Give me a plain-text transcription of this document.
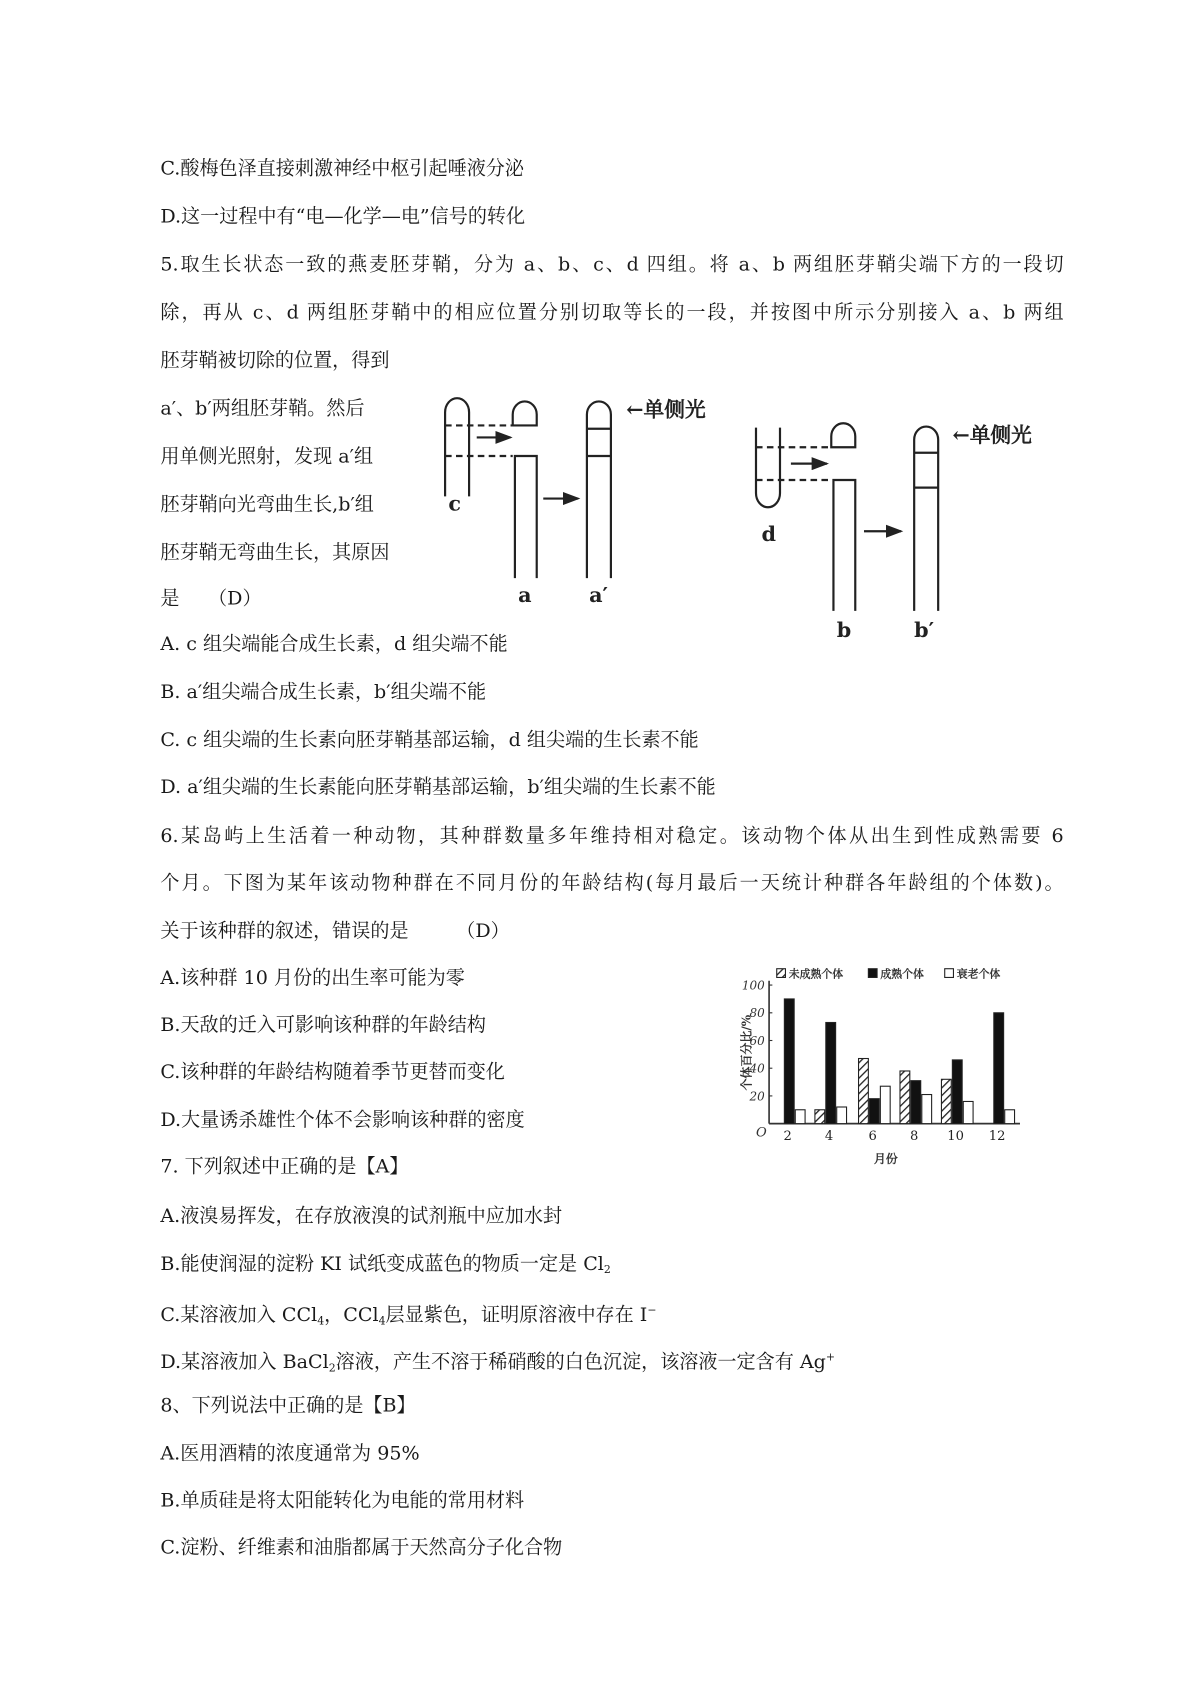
C.酸梅色泽直接刺激神经中枢引起唾液分泌
D.这一过程中有“电—化学—电”信号的转化
5.取生长状态一致的燕麦胚芽鞘，分为 a、b、c、d 四组。将 a、b 两组胚芽鞘尖端下方的一段切
除，再从 c、d 两组胚芽鞘中的相应位置分别切取等长的一段，并按图中所示分别接入 a、b 两组
胚芽鞘被切除的位置，得到
a′、b′两组胚芽鞘。然后
用单侧光照射，发现 a′组
胚芽鞘向光弯曲生长,b′组
胚芽鞘无弯曲生长，其原因
是　　（D）
A. c 组尖端能合成生长素，d 组尖端不能
B. a′组尖端合成生长素，b′组尖端不能
C. c 组尖端的生长素向胚芽鞘基部运输，d 组尖端的生长素不能
D. a′组尖端的生长素能向胚芽鞘基部运输，b′组尖端的生长素不能
6.某岛屿上生活着一种动物，其种群数量多年维持相对稳定。该动物个体从出生到性成熟需要 6
个月。下图为某年该动物种群在不同月份的年龄结构(每月最后一天统计种群各年龄组的个体数)。
关于该种群的叙述，错误的是　　　（D）
A.该种群 10 月份的出生率可能为零
B.天敌的迁入可影响该种群的年龄结构
C.该种群的年龄结构随着季节更替而变化
D.大量诱杀雄性个体不会影响该种群的密度
7. 下列叙述中正确的是【A】
A.液溴易挥发，在存放液溴的试剂瓶中应加水封
B.能使润湿的淀粉 KI 试纸变成蓝色的物质一定是 $Cl_2$
C.某溶液加入 CCl$_4$，CCl$_4$层显紫色，证明原溶液中存在 I−
D.某溶液加入 BaCl$_2$溶液，产生不溶于稀硝酸的白色沉淀，该溶液一定含有 Ag+
8、下列说法中正确的是【B】
A.医用酒精的浓度通常为 95%
B.单质硅是将太阳能转化为电能的常用材料
C.淀粉、纤维素和油脂都属于天然高分子化合物
←单侧光
←单侧光
c
a	a′
d
b	b′
20
40
60
80
100
O 2	4	6	8 10 12
月份
个体百分比/%
未成熟个体	成熟个体	衰老个体
